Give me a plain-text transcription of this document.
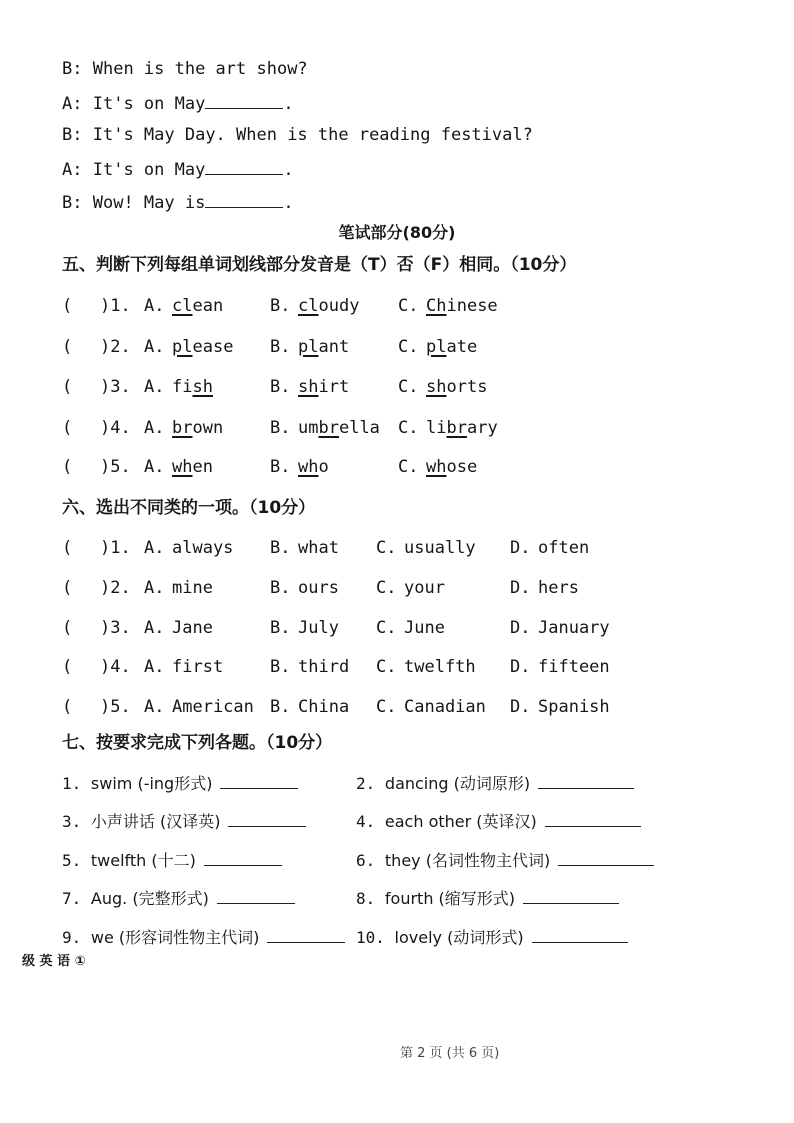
B: When is the art show?
A: It's on May	.
B: It's May Day. When is the reading festival?
A: It's on May	.
B: Wow! May is	.
笔试部分(80分)
五、判断下列每组单词划线部分发音是（T）否（F）相同。（10分）
( )1. A. clean	B. cloudy C. Chinese
( )2. A. please B. plant	C. plate
( )3. A. fish	B. shirt	C. shorts
( )4. A. brown	B. umbrella C. library
( )5. A. when	B. who	C. whose
六、选出不同类的一项。（10分）
( )1. A. always B. what C. usually D. often
( )2. A. mine	B. ours C. your	D. hers
( )3. A. Jane	B. July C. June	D. January
( )4. A. first	B. third C. twelfth D. fifteen
( )5. A. American B. China C. Canadian D. Spanish
七、按要求完成下列各题。（10分）
1. swim (-ing形式)	2. dancing (动词原形)
3. 小声讲话 (汉译英)	4. each other (英译汉)
5. twelfth (十二)	6. they (名词性物主代词)
7. Aug. (完整形式)	8. fourth (缩写形式)
9. we (形容词性物主代词)	10. lovely (动词形式)
级 英 语 ①
第 2 页 (共 6 页)
